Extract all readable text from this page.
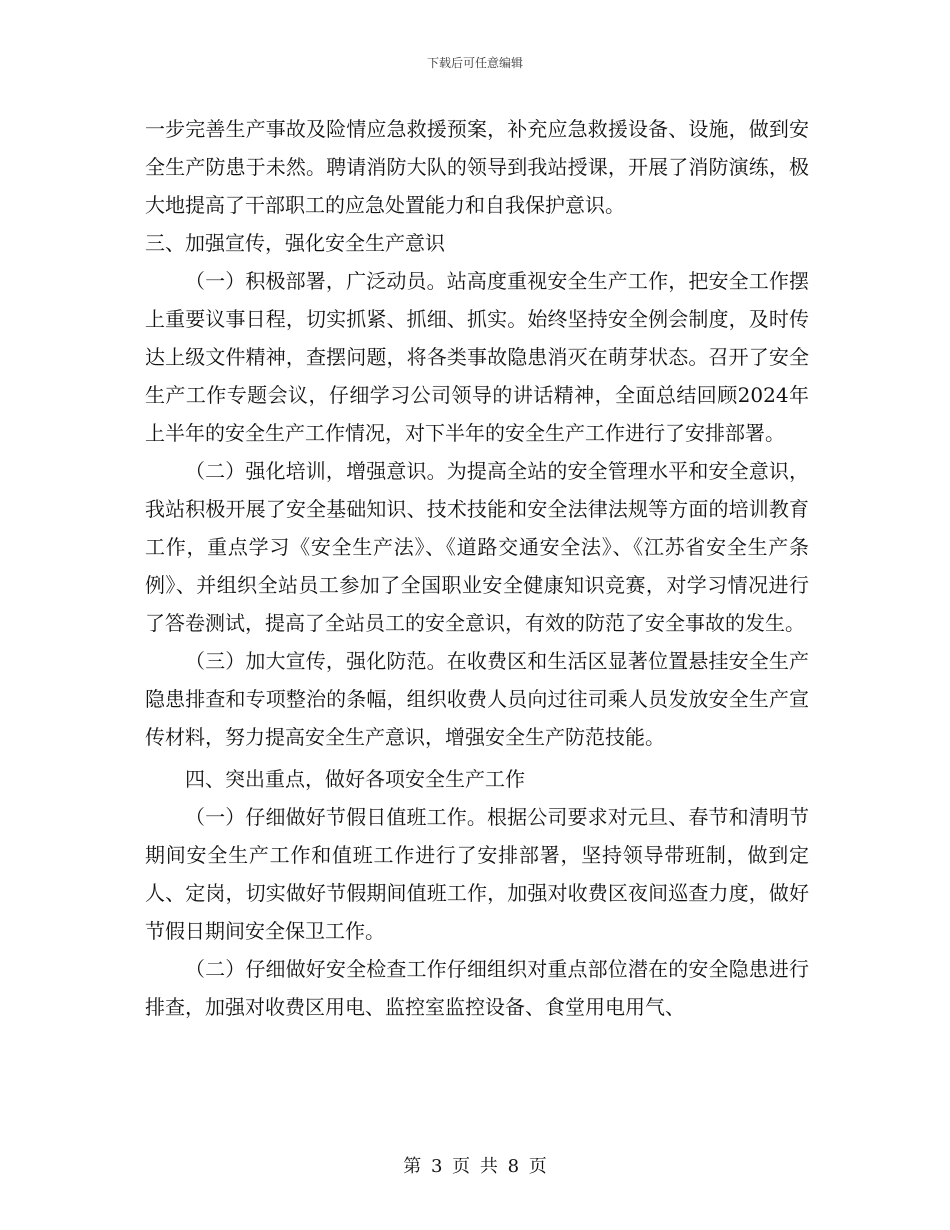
下载后可任意编辑

一步完善生产事故及险情应急救援预案，补充应急救援设备、设施，做到安全生产防患于未然。聘请消防大队的领导到我站授课，开展了消防演练，极大地提高了干部职工的应急处置能力和自我保护意识。

三、加强宣传，强化安全生产意识

（一）积极部署，广泛动员。站高度重视安全生产工作，把安全工作摆上重要议事日程，切实抓紧、抓细、抓实。始终坚持安全例会制度，及时传达上级文件精神，查摆问题，将各类事故隐患消灭在萌芽状态。召开了安全生产工作专题会议，仔细学习公司领导的讲话精神，全面总结回顾2024年上半年的安全生产工作情况，对下半年的安全生产工作进行了安排部署。

（二）强化培训，增强意识。为提高全站的安全管理水平和安全意识，我站积极开展了安全基础知识、技术技能和安全法律法规等方面的培训教育工作，重点学习《安全生产法》、《道路交通安全法》、《江苏省安全生产条例》、并组织全站员工参加了全国职业安全健康知识竞赛，对学习情况进行了答卷测试，提高了全站员工的安全意识，有效的防范了安全事故的发生。

（三）加大宣传，强化防范。在收费区和生活区显著位置悬挂安全生产隐患排查和专项整治的条幅，组织收费人员向过往司乘人员发放安全生产宣传材料，努力提高安全生产意识，增强安全生产防范技能。

四、突出重点，做好各项安全生产工作

（一）仔细做好节假日值班工作。根据公司要求对元旦、春节和清明节期间安全生产工作和值班工作进行了安排部署，坚持领导带班制，做到定人、定岗，切实做好节假期间值班工作，加强对收费区夜间巡查力度，做好节假日期间安全保卫工作。

（二）仔细做好安全检查工作仔细组织对重点部位潜在的安全隐患进行排查，加强对收费区用电、监控室监控设备、食堂用电用气、

第 3 页 共 8 页
